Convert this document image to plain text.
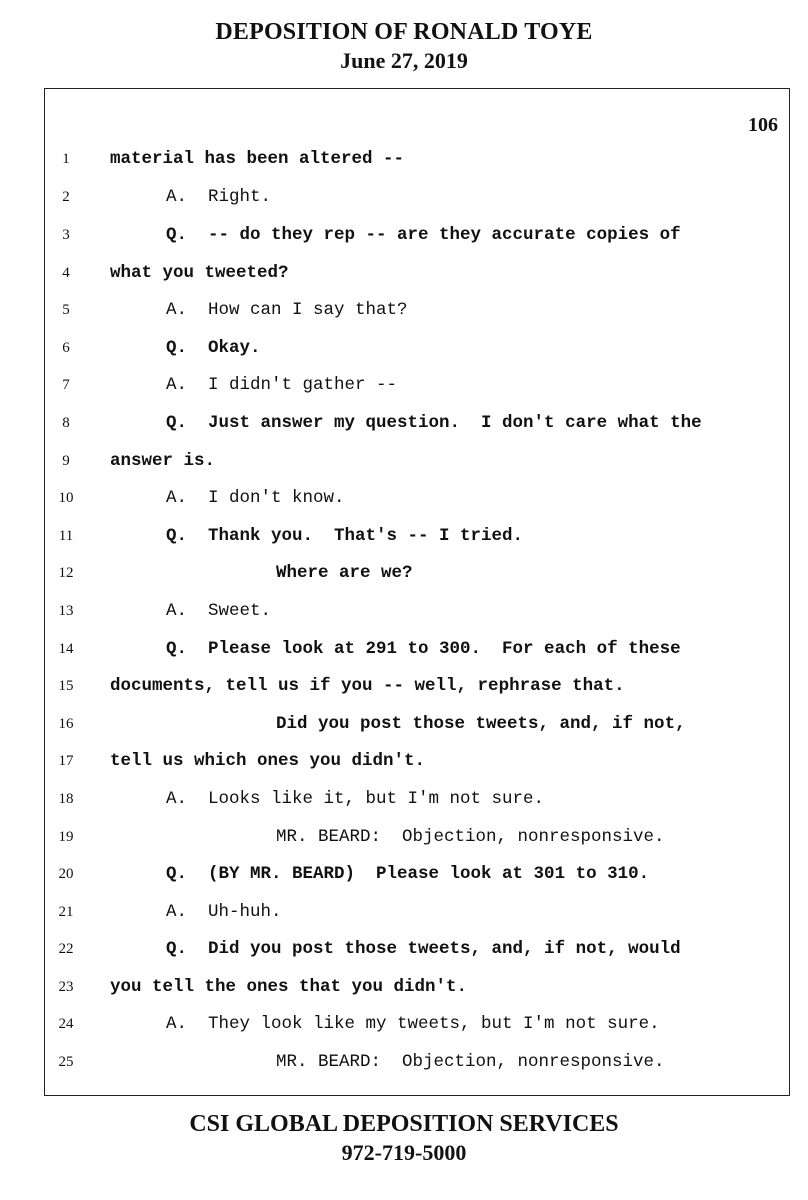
DEPOSITION OF RONALD TOYE
June 27, 2019
106
1	material has been altered --
2	A.  Right.
3	Q.  -- do they rep -- are they accurate copies of
4	what you tweeted?
5	A.  How can I say that?
6	Q.  Okay.
7	A.  I didn't gather --
8	Q.  Just answer my question.  I don't care what the
9	answer is.
10	A.  I don't know.
11	Q.  Thank you.  That's -- I tried.
12	Where are we?
13	A.  Sweet.
14	Q.  Please look at 291 to 300.  For each of these
15	documents, tell us if you -- well, rephrase that.
16	Did you post those tweets, and, if not,
17	tell us which ones you didn't.
18	A.  Looks like it, but I'm not sure.
19	MR. BEARD:  Objection, nonresponsive.
20	Q.  (BY MR. BEARD)  Please look at 301 to 310.
21	A.  Uh-huh.
22	Q.  Did you post those tweets, and, if not, would
23	you tell the ones that you didn't.
24	A.  They look like my tweets, but I'm not sure.
25	MR. BEARD:  Objection, nonresponsive.
CSI GLOBAL DEPOSITION SERVICES
972-719-5000
